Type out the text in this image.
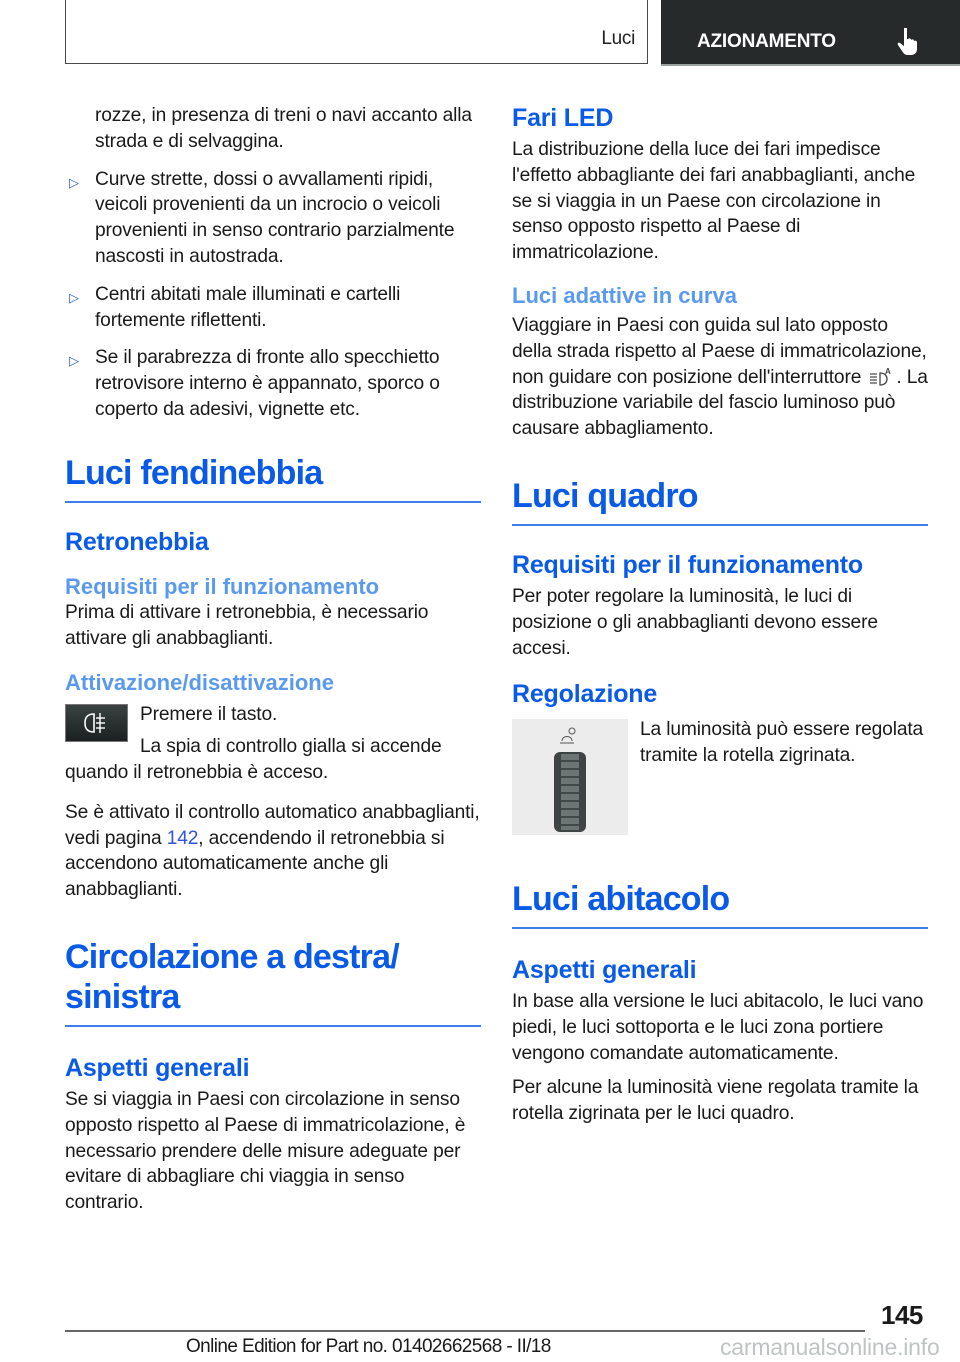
Luci	AZIONAMENTO

rozze, in presenza di treni o navi accanto alla strada e di selvaggina.

▷ Curve strette, dossi o avvallamenti ripidi, veicoli provenienti da un incrocio o veicoli provenienti in senso contrario parzialmente nascosti in autostrada.
▷ Centri abitati male illuminati e cartelli fortemente riflettenti.
▷ Se il parabrezza di fronte allo specchietto retrovisore interno è appannato, sporco o coperto da adesivi, vignette etc.
Luci fendinebbia
Retronebbia
Requisiti per il funzionamento

Prima di attivare i retronebbia, è necessario attivare gli anabbaglianti.

Attivazione/disattivazione

Premere il tasto.

La spia di controllo gialla si accende quando il retronebbia è acceso.

Se è attivato il controllo automatico anabbaglianti, vedi pagina 142, accendendo il retronebbia si accendono automaticamente anche gli anabbaglianti.

Circolazione a destra/
sinistra
Aspetti generali

Se si viaggia in Paesi con circolazione in senso opposto rispetto al Paese di immatricolazione, è necessario prendere delle misure adeguate per evitare di abbagliare chi viaggia in senso contrario.

Fari LED

La distribuzione della luce dei fari impedisce l'effetto abbagliante dei fari anabbaglianti, anche se si viaggia in un Paese con circolazione in senso opposto rispetto al Paese di immatricolazione.

Luci adattive in curva

Viaggiare in Paesi con guida sul lato opposto della strada rispetto al Paese di immatricolazione, non guidare con posizione dell'interruttore	A . La distribuzione variabile del fascio luminoso può causare abbagliamento.

Luci quadro
Requisiti per il funzionamento

Per poter regolare la luminosità, le luci di posizione o gli anabbaglianti devono essere accesi.

Regolazione

La luminosità può essere regolata tramite la rotella zigrinata.

Luci abitacolo
Aspetti generali

In base alla versione le luci abitacolo, le luci vano piedi, le luci sottoporta e le luci zona portiere vengono comandate automaticamente.

Per alcune la luminosità viene regolata tramite la rotella zigrinata per le luci quadro.

145
Online Edition for Part no. 01402662568 - II/18	carmanualsonline.info
